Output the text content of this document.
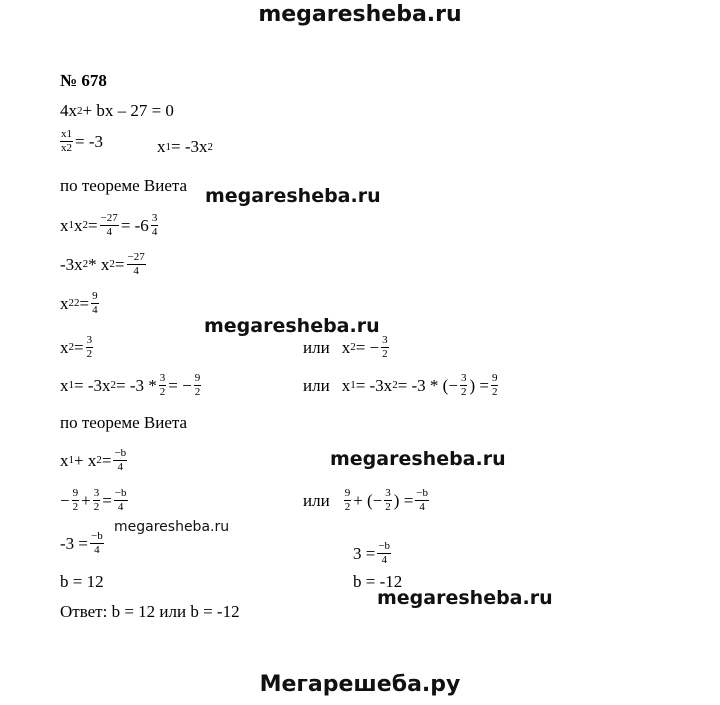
megaresheba.ru
megaresheba.ru
megaresheba.ru
megaresheba.ru
megaresheba.ru
megaresheba.ru
Мегарешеба.ру
№ 678
4x 2 + bx – 27 = 0
$\frac{x1}{x2} = -3$	x 1 = -3x 2
по теореме Виета
x 1 x $2 = \frac{-27}{4} = -6 \frac{3}{4}$
-3x 2 * x $2 = \frac{-27}{4}$
x 2 $2 = \frac{9}{4}$
x $2 = \frac{3}{2}$	или x 2 = − $\frac{3}{2}$
x 1 = -3x $2 = -3 * \frac{3}{2}$ = − $\frac{9}{2}$	или x 1 = -3x 2 = -3 * (− $\frac{3}{2}$ ) = $\frac{9}{2}$
по теореме Виета
x 1 + x $2 = \frac{-b}{4}$
− $\frac{9}{2} + \frac{3}{2} = \frac{-b}{4}$	или $\frac{9}{2}$ + (− $\frac{3}{2}$ ) = $\frac{-b}{4}$
$-3 = \frac{-b}{4}$	$3 = \frac{-b}{4}$
b = 12	b = -12
Ответ: b = 12 или b = -12
